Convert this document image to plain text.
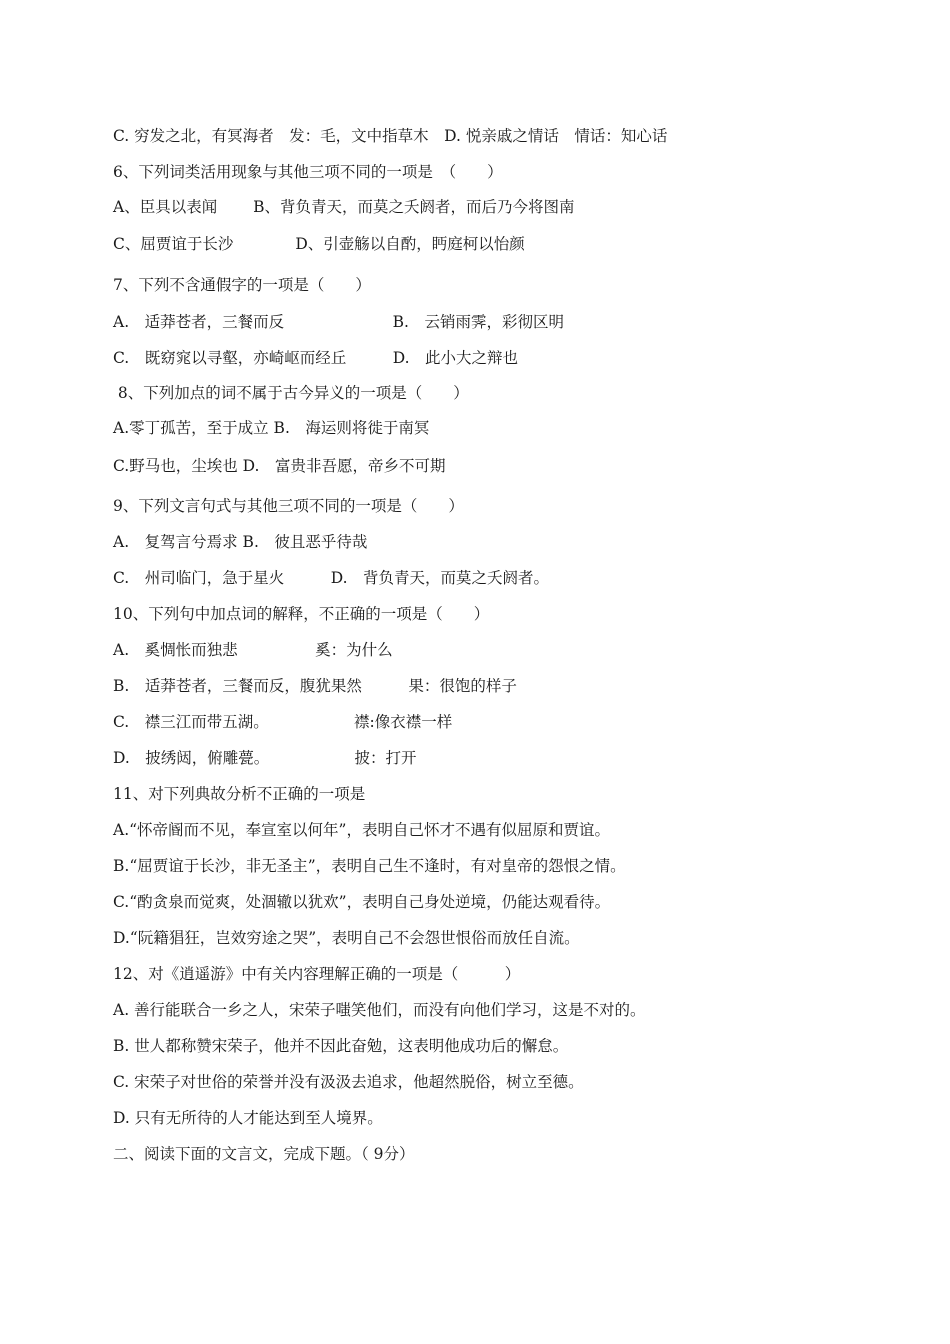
C. 穷发之北，有冥海者　发：毛，文中指草木　D. 悦亲戚之情话　情话：知心话
6、下列词类活用现象与其他三项不同的一项是　（　　）
A、臣具以表闻　　 B、背负青天，而莫之夭阏者，而后乃今将图南
C、屈贾谊于长沙　　　　D、引壶觞以自酌，眄庭柯以怡颜
7、下列不含通假字的一项是（　　）
A.　适莽苍者，三餐而反　　　　　　　B.　云销雨霁，彩彻区明
C.　既窈窕以寻壑，亦崎岖而经丘　　　D.　此小大之辩也
8、下列加点的词不属于古今异义的一项是（　　）
A.零丁孤苦，至于成立 B.　海运则将徙于南冥
C.野马也，尘埃也 D.　富贵非吾愿，帝乡不可期
9、下列文言句式与其他三项不同的一项是（　　）
A.　复驾言兮焉求 B.　彼且恶乎待哉
C.　州司临门，急于星火　　　D.　背负青天，而莫之夭阏者。
10、下列句中加点词的解释，不正确的一项是（　　）
A.　奚惆怅而独悲　　　　　奚：为什么
B.　适莽苍者，三餐而反，腹犹果然　　　果：很饱的样子
C.　襟三江而带五湖。　　　　　　襟:像衣襟一样
D.　披绣闼，俯雕甍。　　　　　　披：打开
11、对下列典故分析不正确的一项是
A.“怀帝阍而不见，奉宣室以何年”，表明自己怀才不遇有似屈原和贾谊。
B.“屈贾谊于长沙，非无圣主”，表明自己生不逢时，有对皇帝的怨恨之情。
C.“酌贪泉而觉爽，处涸辙以犹欢”，表明自己身处逆境，仍能达观看待。
D.“阮籍猖狂，岂效穷途之哭”，表明自己不会怨世恨俗而放任自流。
12、对《逍遥游》中有关内容理解正确的一项是（　　　）
A. 善行能联合一乡之人，宋荣子嗤笑他们，而没有向他们学习，这是不对的。
B. 世人都称赞宋荣子，他并不因此奋勉，这表明他成功后的懈怠。
C. 宋荣子对世俗的荣誉并没有汲汲去追求，他超然脱俗，树立至德。
D. 只有无所待的人才能达到至人境界。
二、阅读下面的文言文，完成下题。（ 9分）
